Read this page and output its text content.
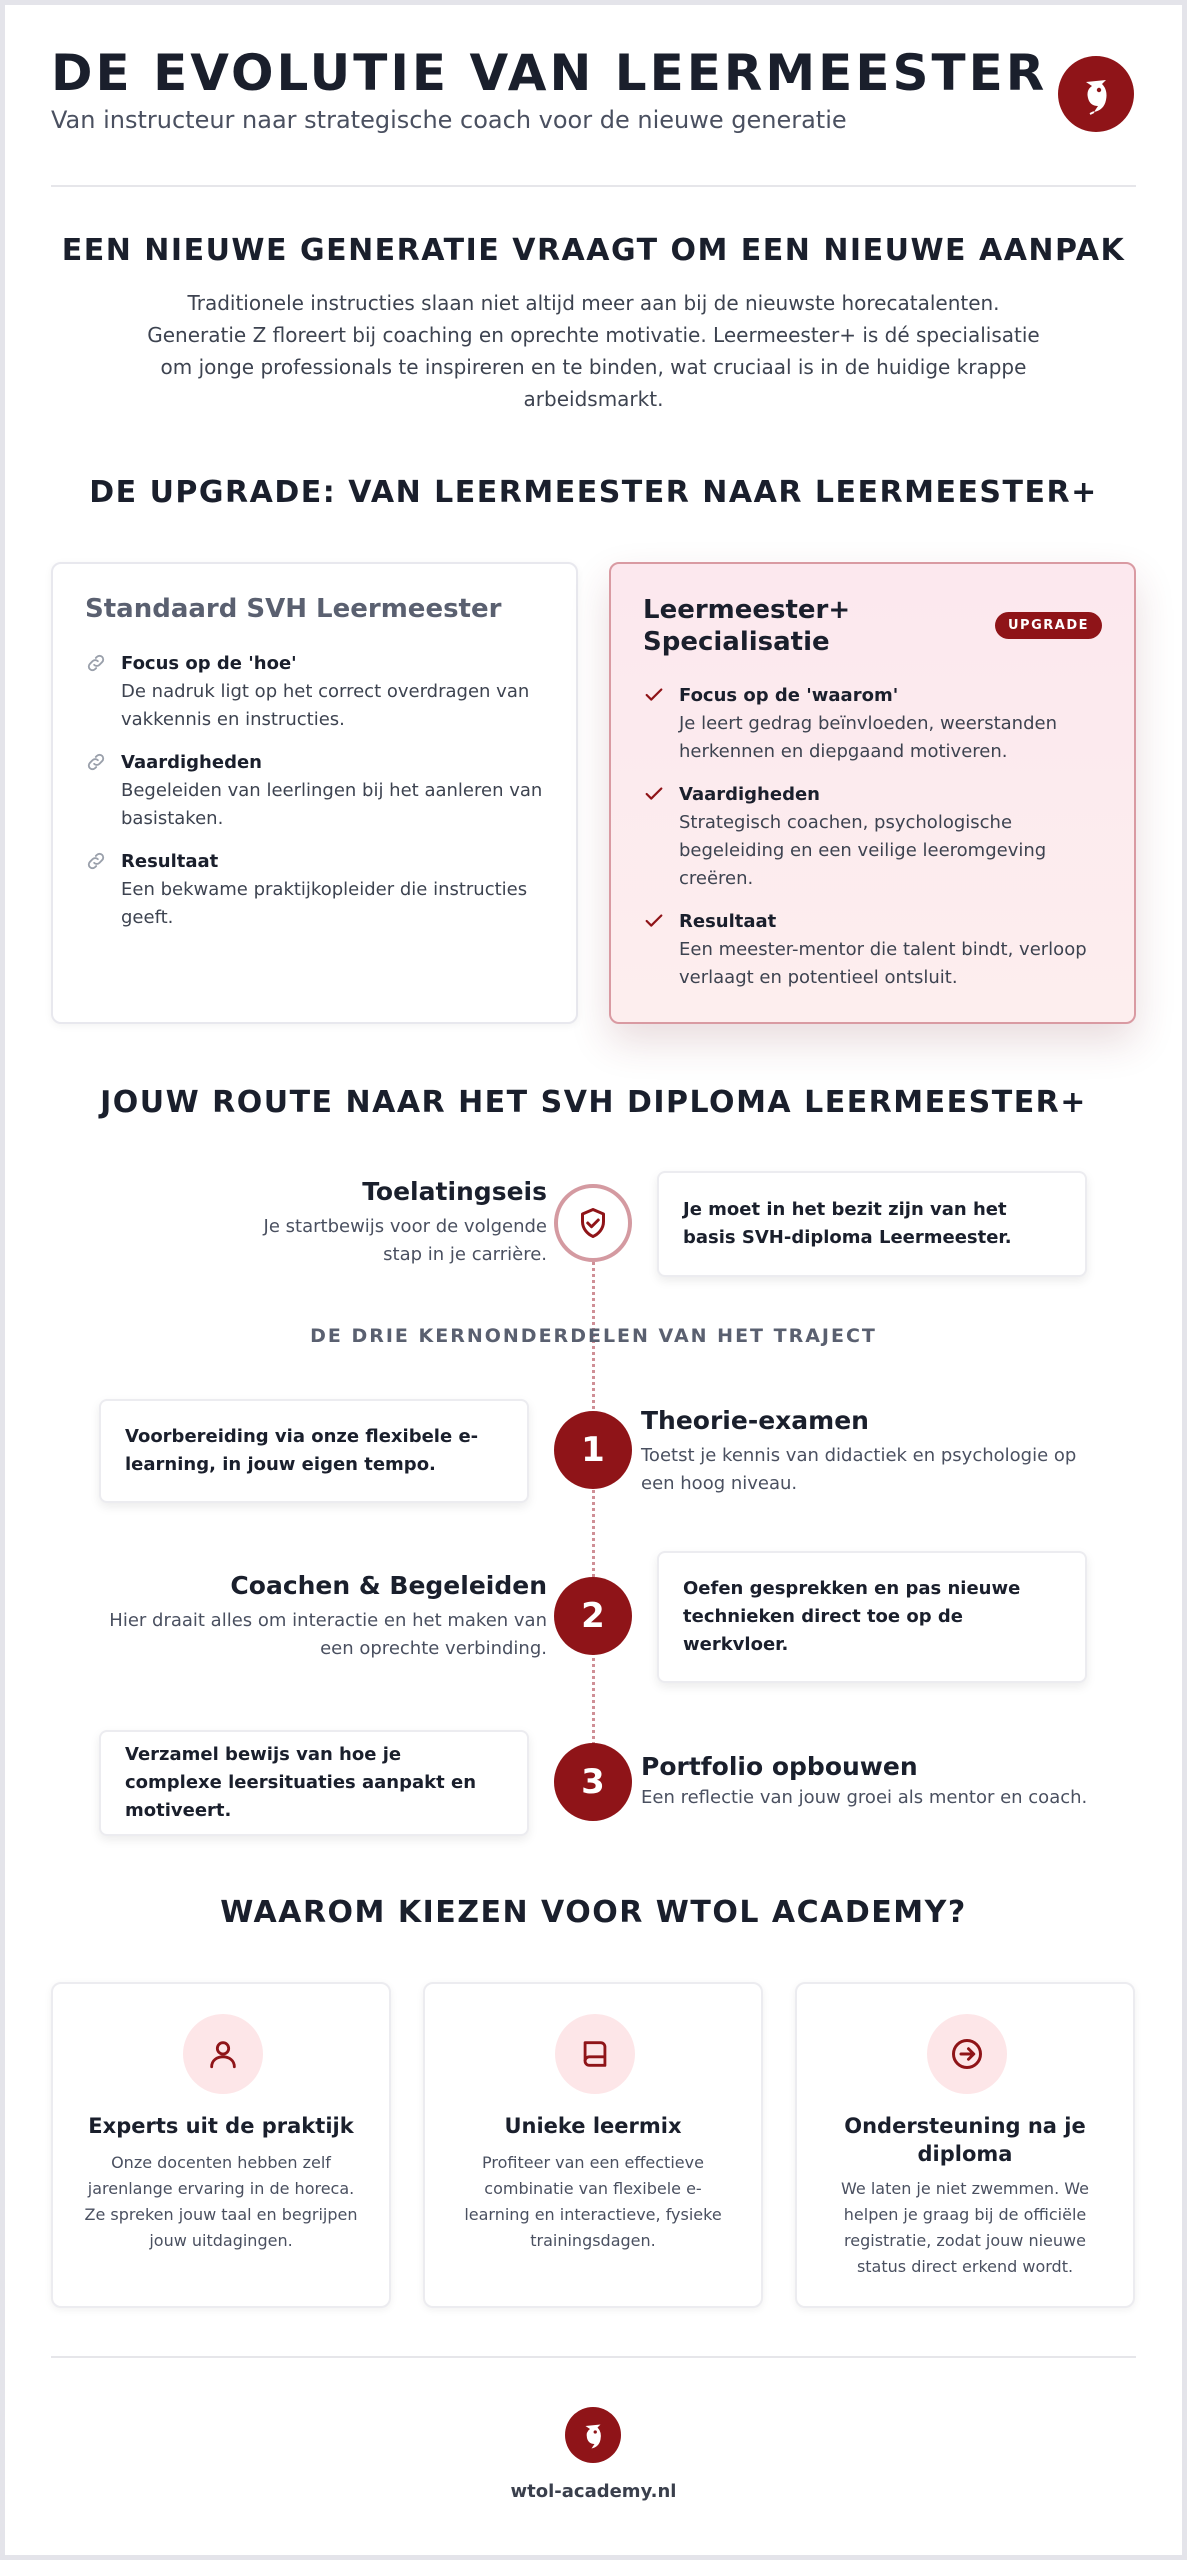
DE EVOLUTIE VAN LEERMEESTER
Van instructeur naar strategische coach voor de nieuwe generatie
EEN NIEUWE GENERATIE VRAAGT OM EEN NIEUWE AANPAK
Traditionele instructies slaan niet altijd meer aan bij de nieuwste horecatalenten. Generatie Z floreert bij coaching en oprechte motivatie. Leermeester+ is dé specialisatie om jonge professionals te inspireren en te binden, wat cruciaal is in de huidige krappe arbeidsmarkt.
DE UPGRADE: VAN LEERMEESTER NAAR LEERMEESTER+
Standaard SVH Leermeester
Focus op de 'hoe'
De nadruk ligt op het correct overdragen van vakkennis en instructies.
Vaardigheden
Begeleiden van leerlingen bij het aanleren van basistaken.
Resultaat
Een bekwame praktijkopleider die instructies geeft.
Leermeester+
Specialisatie
UPGRADE
Focus op de 'waarom'
Je leert gedrag beïnvloeden, weerstanden herkennen en diepgaand motiveren.
Vaardigheden
Strategisch coachen, psychologische begeleiding en een veilige leeromgeving creëren.
Resultaat
Een meester-mentor die talent bindt, verloop verlaagt en potentieel ontsluit.
JOUW ROUTE NAAR HET SVH DIPLOMA LEERMEESTER+
Toelatingseis
Je startbewijs voor de volgende stap in je carrière.
Je moet in het bezit zijn van het basis SVH-diploma Leermeester.
DE DRIE KERNONDERDELEN VAN HET TRAJECT
Voorbereiding via onze flexibele e-learning, in jouw eigen tempo.	1
Theorie-examen
Toetst je kennis van didactiek en psychologie op een hoog niveau.
Coachen & Begeleiden
Hier draait alles om interactie en het maken van een oprechte verbinding.
2
Oefen gesprekken en pas nieuwe technieken direct toe op de werkvloer.
Verzamel bewijs van hoe je complexe leersituaties aanpakt en motiveert.
3	Portfolio opbouwen
Een reflectie van jouw groei als mentor en coach.
WAAROM KIEZEN VOOR WTOL ACADEMY?
Experts uit de praktijk
Onze docenten hebben zelf jarenlange ervaring in de horeca. Ze spreken jouw taal en begrijpen jouw uitdagingen.
Unieke leermix
Profiteer van een effectieve combinatie van flexibele e-learning en interactieve, fysieke trainingsdagen.
Ondersteuning na je diploma
We laten je niet zwemmen. We helpen je graag bij de officiële registratie, zodat jouw nieuwe status direct erkend wordt.
wtol-academy.nl
